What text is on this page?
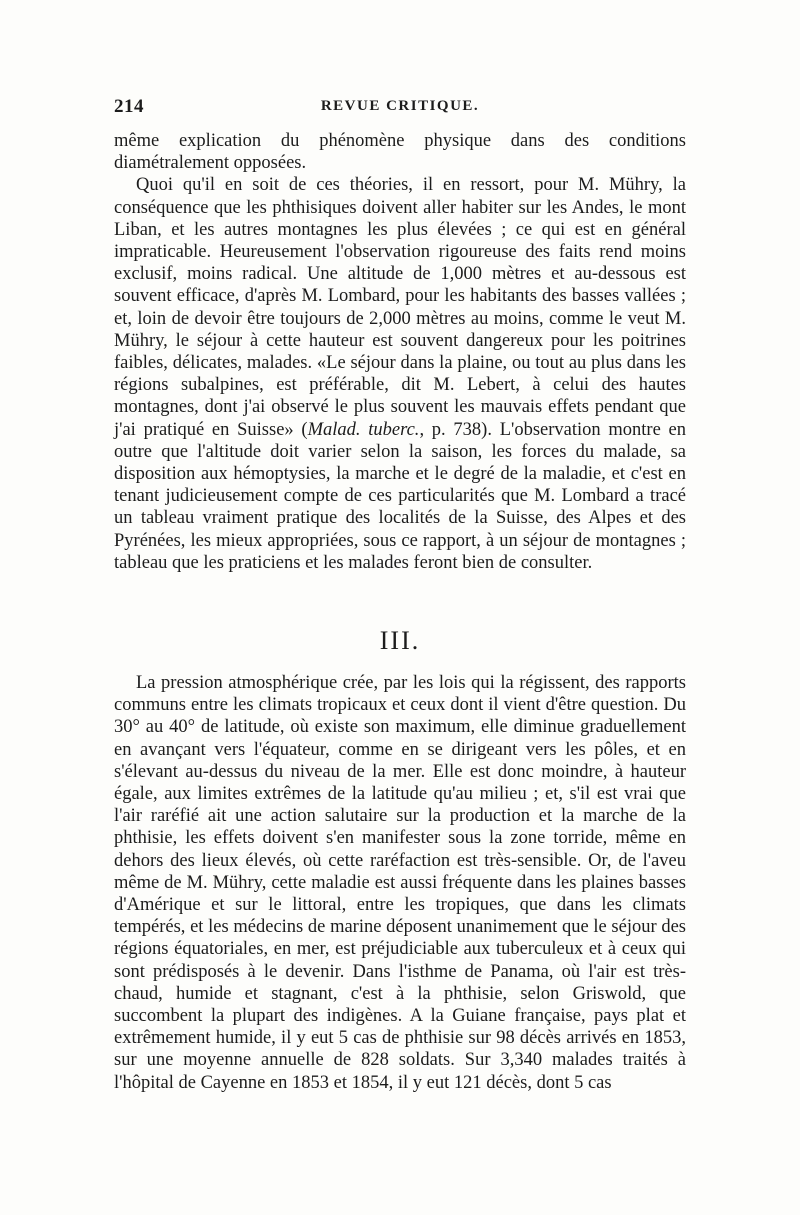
214	REVUE CRITIQUE.

même explication du phénomène physique dans des conditions diamétralement opposées.

Quoi qu'il en soit de ces théories, il en ressort, pour M. Mühry, la conséquence que les phthisiques doivent aller habiter sur les Andes, le mont Liban, et les autres montagnes les plus élevées ; ce qui est en général impraticable. Heureusement l'observation rigoureuse des faits rend moins exclusif, moins radical. Une altitude de 1,000 mètres et au-dessous est souvent efficace, d'après M. Lombard, pour les habitants des basses vallées ; et, loin de devoir être toujours de 2,000 mètres au moins, comme le veut M. Mühry, le séjour à cette hauteur est souvent dangereux pour les poitrines faibles, délicates, malades. «Le séjour dans la plaine, ou tout au plus dans les régions subalpines, est préférable, dit M. Lebert, à celui des hautes montagnes, dont j'ai observé le plus souvent les mauvais effets pendant que j'ai pratiqué en Suisse» (Malad. tuberc., p. 738). L'observation montre en outre que l'altitude doit varier selon la saison, les forces du malade, sa disposition aux hémoptysies, la marche et le degré de la maladie, et c'est en tenant judicieusement compte de ces particularités que M. Lombard a tracé un tableau vraiment pratique des localités de la Suisse, des Alpes et des Pyrénées, les mieux appropriées, sous ce rapport, à un séjour de montagnes ; tableau que les praticiens et les malades feront bien de consulter.

III.

La pression atmosphérique crée, par les lois qui la régissent, des rapports communs entre les climats tropicaux et ceux dont il vient d'être question. Du 30° au 40° de latitude, où existe son maximum, elle diminue graduellement en avançant vers l'équateur, comme en se dirigeant vers les pôles, et en s'élevant au-dessus du niveau de la mer. Elle est donc moindre, à hauteur égale, aux limites extrêmes de la latitude qu'au milieu ; et, s'il est vrai que l'air raréfié ait une action salutaire sur la production et la marche de la phthisie, les effets doivent s'en manifester sous la zone torride, même en dehors des lieux élevés, où cette raréfaction est très-sensible. Or, de l'aveu même de M. Mühry, cette maladie est aussi fréquente dans les plaines basses d'Amérique et sur le littoral, entre les tropiques, que dans les climats tempérés, et les médecins de marine déposent unanimement que le séjour des régions équatoriales, en mer, est préjudiciable aux tuberculeux et à ceux qui sont prédisposés à le devenir. Dans l'isthme de Panama, où l'air est très-chaud, humide et stagnant, c'est à la phthisie, selon Griswold, que succombent la plupart des indigènes. A la Guiane française, pays plat et extrêmement humide, il y eut 5 cas de phthisie sur 98 décès arrivés en 1853, sur une moyenne annuelle de 828 soldats. Sur 3,340 malades traités à l'hôpital de Cayenne en 1853 et 1854, il y eut 121 décès, dont 5 cas
